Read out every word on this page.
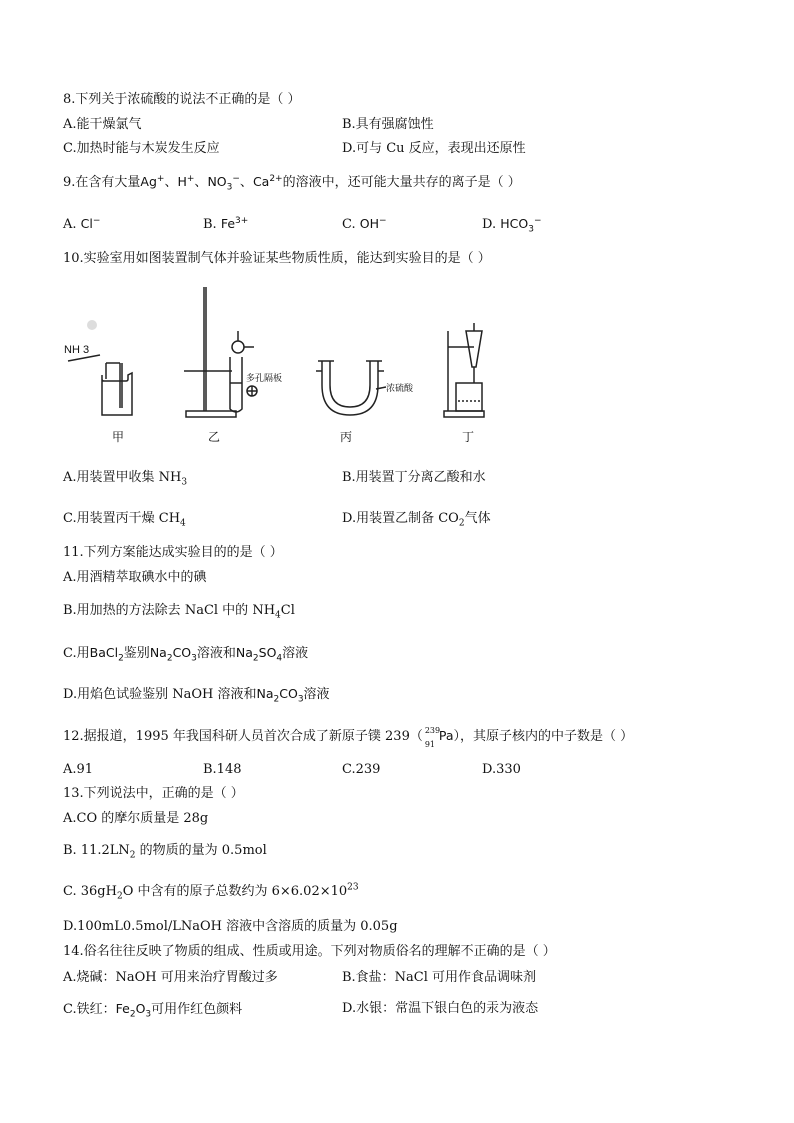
8.下列关于浓硫酸的说法不正确的是（ ）
A.能干燥氯气	B.具有强腐蚀性
C.加热时能与木炭发生反应	D.可与 Cu 反应，表现出还原性
9.在含有大量Ag+、H+、$NO_3^-$、$Ca^{2+}$的溶液中，还可能大量共存的离子是（ ）
A. Cl−	B. $Fe^{3+}$	C. OH−	D. $HCO_3^-$
10.实验室用如图装置制气体并验证某些物质性质，能达到实验目的是（ ）
NH 3
甲
多孔隔板
乙
浓硫酸
丙	丁
A.用装置甲收集 $NH_3$	B.用装置丁分离乙酸和水
C.用装置丙干燥 $CH_4$	D.用装置乙制备 $CO_2$气体
11.下列方案能达成实验目的的是（ ）
A.用酒精萃取碘水中的碘
B.用加热的方法除去 NaCl 中的 $NH_4Cl$
C.用BaCl$_2$鉴别$Na_2CO_3$溶液和$Na_2SO_4$溶液
D.用焰色试验鉴别 NaOH 溶液和$Na_2CO_3$溶液
12.据报道，1995 年我国科研人员首次合成了新原子镤 239（ 239
91
Pa），其原子核内的中子数是（ ）
A.91	B.148	C.239	D.330
13.下列说法中，正确的是（ ）
A.CO 的摩尔质量是 28g
B. $11.2LN_2$ 的物质的量为 0.5mol
C. $36gH_2O$ 中含有的原子总数约为 $6\times 6.02\times 10^{23}$
D.100mL0.5mol/LNaOH 溶液中含溶质的质量为 0.05g
14.俗名往往反映了物质的组成、性质或用途。下列对物质俗名的理解不正确的是（ ）
A.烧碱：NaOH 可用来治疗胃酸过多	B.食盐：NaCl 可用作食品调味剂
C.铁红：$Fe_2O_3$可用作红色颜料	D.水银：常温下银白色的汞为液态
